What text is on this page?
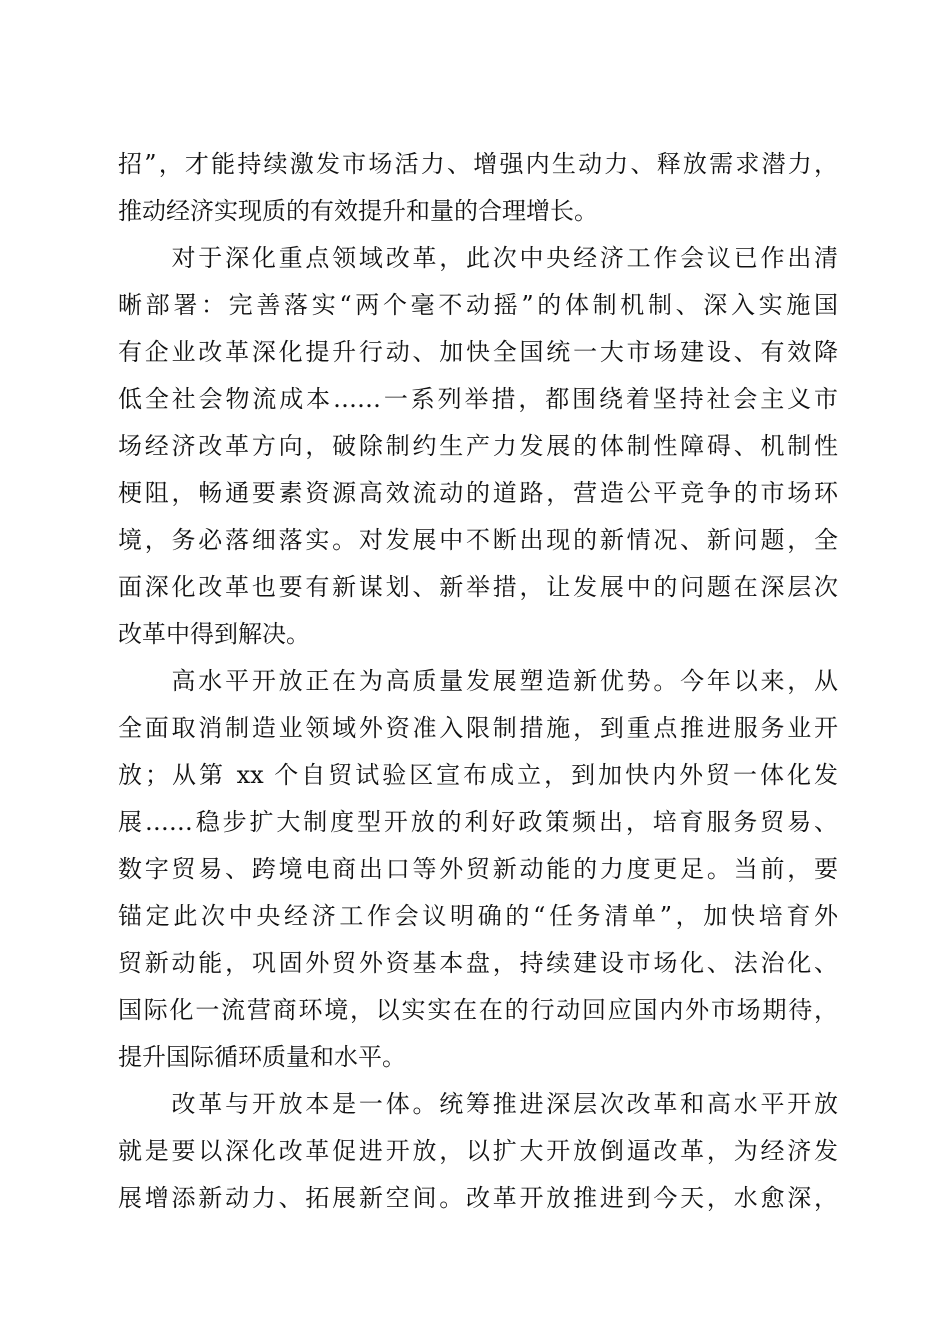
招”，才能持续激发市场活力、增强内生动力、释放需求潜力，
推动经济实现质的有效提升和量的合理增长。
　　对于深化重点领域改革，此次中央经济工作会议已作出清
晰部署：完善落实“两个毫不动摇”的体制机制、深入实施国
有企业改革深化提升行动、加快全国统一大市场建设、有效降
低全社会物流成本……一系列举措，都围绕着坚持社会主义市
场经济改革方向，破除制约生产力发展的体制性障碍、机制性
梗阻，畅通要素资源高效流动的道路，营造公平竞争的市场环
境，务必落细落实。对发展中不断出现的新情况、新问题，全
面深化改革也要有新谋划、新举措，让发展中的问题在深层次
改革中得到解决。
　　高水平开放正在为高质量发展塑造新优势。今年以来，从
全面取消制造业领域外资准入限制措施，到重点推进服务业开
放；从第 xx 个自贸试验区宣布成立，到加快内外贸一体化发
展……稳步扩大制度型开放的利好政策频出，培育服务贸易、
数字贸易、跨境电商出口等外贸新动能的力度更足。当前，要
锚定此次中央经济工作会议明确的“任务清单”，加快培育外
贸新动能，巩固外贸外资基本盘，持续建设市场化、法治化、
国际化一流营商环境，以实实在在的行动回应国内外市场期待，
提升国际循环质量和水平。
　　改革与开放本是一体。统筹推进深层次改革和高水平开放
就是要以深化改革促进开放，以扩大开放倒逼改革，为经济发
展增添新动力、拓展新空间。改革开放推进到今天，水愈深，
